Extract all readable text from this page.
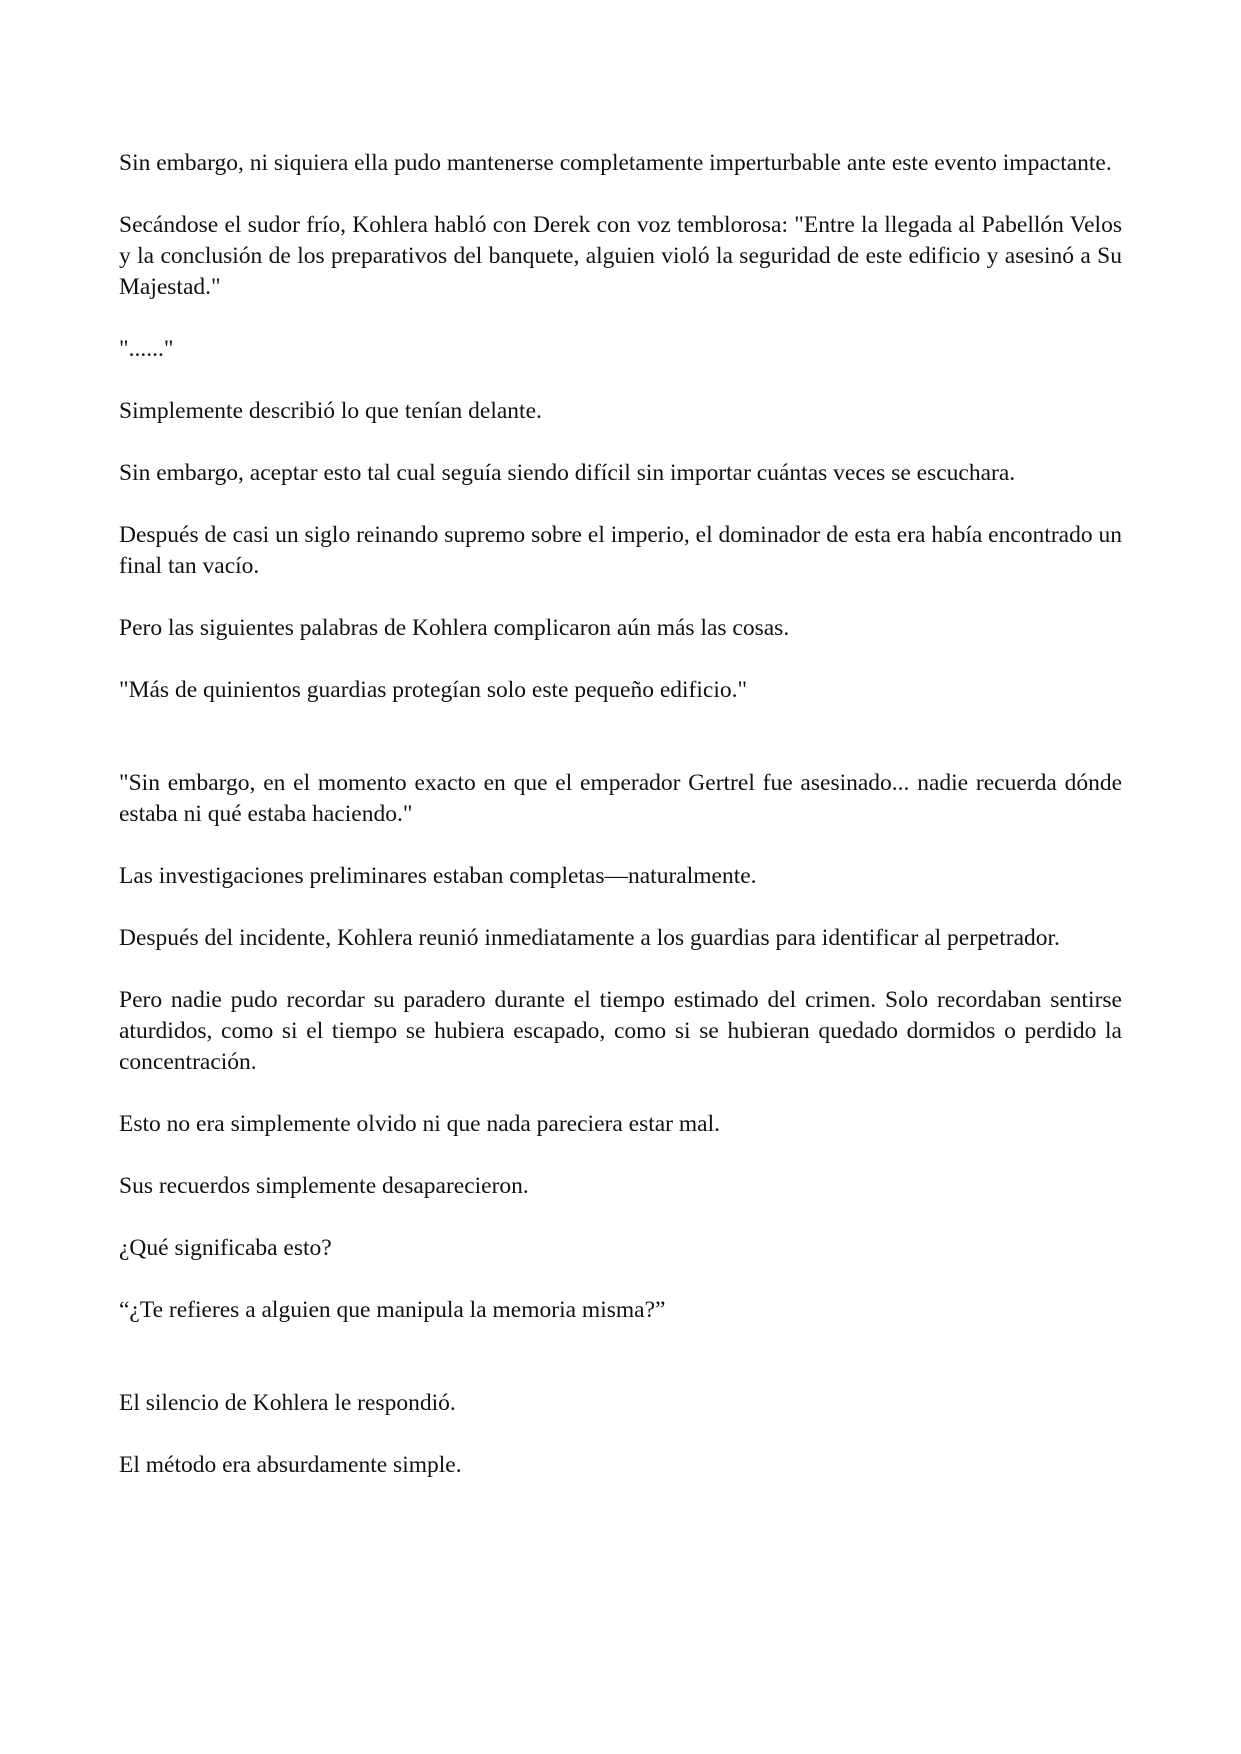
Sin embargo, ni siquiera ella pudo mantenerse completamente imperturbable ante este evento impactante.

Secándose el sudor frío, Kohlera habló con Derek con voz temblorosa: "Entre la llegada al Pabellón Velos y la conclusión de los preparativos del banquete, alguien violó la seguridad de este edificio y asesinó a Su Majestad."

"......"

Simplemente describió lo que tenían delante.

Sin embargo, aceptar esto tal cual seguía siendo difícil sin importar cuántas veces se escuchara.

Después de casi un siglo reinando supremo sobre el imperio, el dominador de esta era había encontrado un final tan vacío.

Pero las siguientes palabras de Kohlera complicaron aún más las cosas.

"Más de quinientos guardias protegían solo este pequeño edificio."

"Sin embargo, en el momento exacto en que el emperador Gertrel fue asesinado... nadie recuerda dónde estaba ni qué estaba haciendo."

Las investigaciones preliminares estaban completas—naturalmente.

Después del incidente, Kohlera reunió inmediatamente a los guardias para identificar al perpetrador.

Pero nadie pudo recordar su paradero durante el tiempo estimado del crimen. Solo recordaban sentirse aturdidos, como si el tiempo se hubiera escapado, como si se hubieran quedado dormidos o perdido la concentración.

Esto no era simplemente olvido ni que nada pareciera estar mal.

Sus recuerdos simplemente desaparecieron.

¿Qué significaba esto?

“¿Te refieres a alguien que manipula la memoria misma?”

El silencio de Kohlera le respondió.

El método era absurdamente simple.
